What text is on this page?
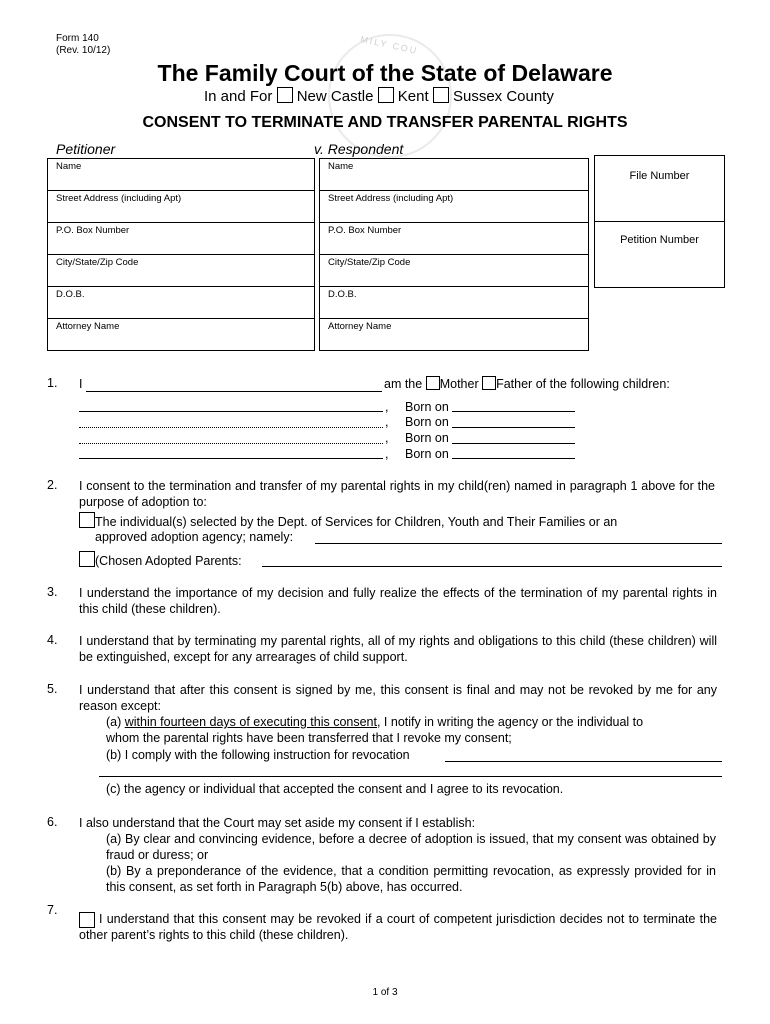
MILY COU
Form 140
(Rev. 10/12)
The Family Court of the State of Delaware
In and For New Castle Kent Sussex County
CONSENT TO TERMINATE AND TRANSFER PARENTAL RIGHTS
Petitioner	v. Respondent
Name
Street Address (including Apt)
P.O. Box Number
City/State/Zip Code
D.O.B.
Attorney Name
Name
Street Address (including Apt)
P.O. Box Number
City/State/Zip Code
D.O.B.
Attorney Name
File Number
Petition Number
1. I	am the Mother Father of the following children:
, Born on
, Born on
, Born on
, Born on
2. I consent to the termination and transfer of my parental rights in my child(ren) named in paragraph 1 above for the purpose of adoption to:
The individual(s) selected by the Dept. of Services for Children, Youth and Their Families or an
approved adoption agency; namely:
(Chosen Adopted Parents:
3. I understand the importance of my decision and fully realize the effects of the termination of my parental rights in this child (these children).
4. I understand that by terminating my parental rights, all of my rights and obligations to this child (these children) will be extinguished, except for any arrearages of child support.
5. I understand that after this consent is signed by me, this consent is final and may not be revoked by me for any reason except:
(a) within fourteen days of executing this consent, I notify in writing the agency or the individual to
whom the parental rights have been transferred that I revoke my consent;
(b) I comply with the following instruction for revocation
(c) the agency or individual that accepted the consent and I agree to its revocation.
6. I also understand that the Court may set aside my consent if I establish:
(a) By clear and convincing evidence, before a decree of adoption is issued, that my consent was obtained by fraud or duress; or
(b) By a preponderance of the evidence, that a condition permitting revocation, as expressly provided for in this consent, as set forth in Paragraph 5(b) above, has occurred.
7.
I understand that this consent may be revoked if a court of competent jurisdiction decides not to terminate the other parent’s rights to this child (these children).
1 of 3
